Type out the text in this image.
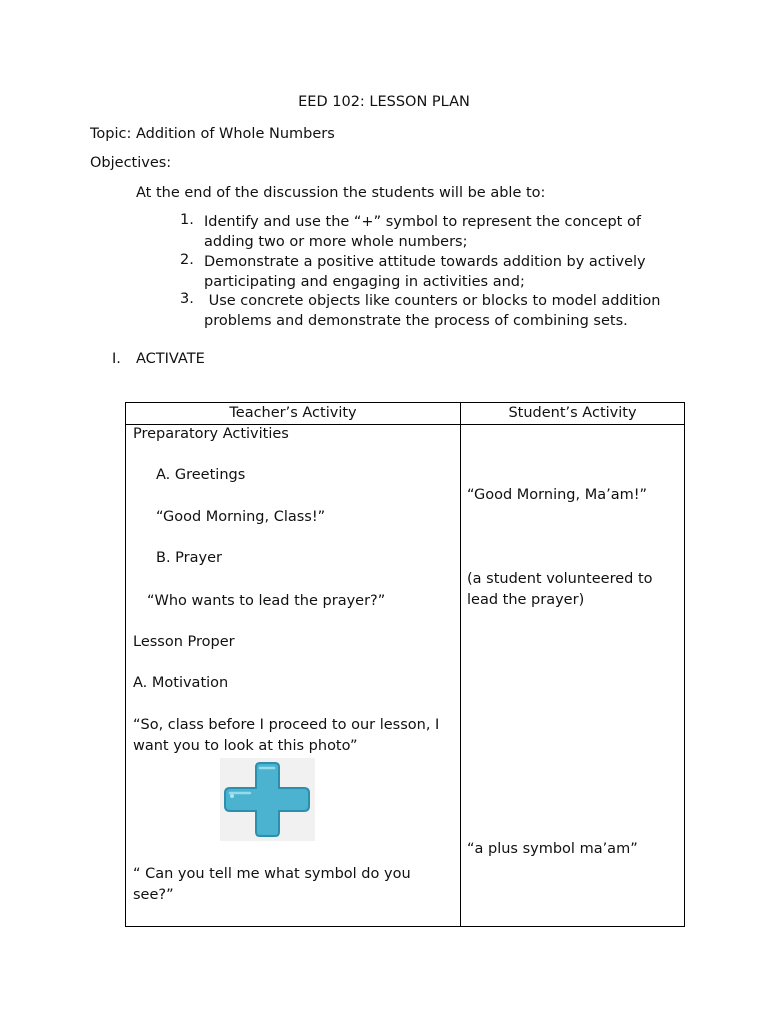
EED 102: LESSON PLAN
Topic: Addition of Whole Numbers
Objectives:
At the end of the discussion the students will be able to:
1. Identify and use the “+” symbol to represent the concept of
adding two or more whole numbers;
2. Demonstrate a positive attitude towards addition by actively
participating and engaging in activities and;
3. Use concrete objects like counters or blocks to model addition
problems and demonstrate the process of combining sets.
I. ACTIVATE
Teacher’s Activity	Student’s Activity
Preparatory Activities
A. Greetings
“Good Morning, Class!”
B. Prayer
“Who wants to lead the prayer?”
Lesson Proper
A. Motivation
“So, class before I proceed to our lesson, I
want you to look at this photo”
“ Can you tell me what symbol do you
see?”
“Good Morning, Ma’am!”
(a student volunteered to
lead the prayer)
“a plus symbol ma’am”
